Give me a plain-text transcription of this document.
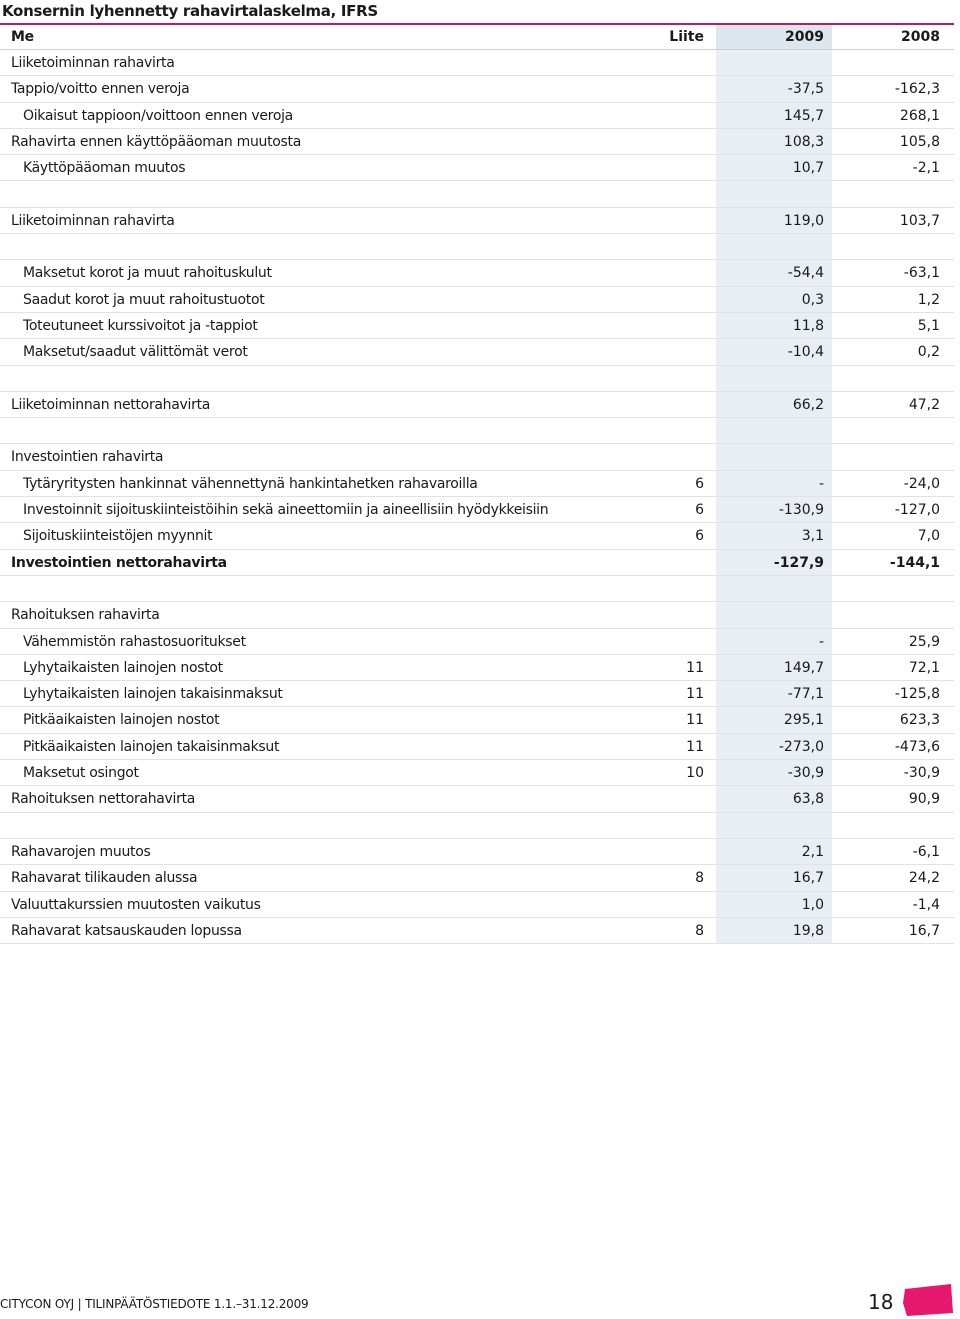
Konsernin lyhennetty rahavirtalaskelma, IFRS
Me	Liite	2009	2008
Liiketoiminnan rahavirta
Tappio/voitto ennen veroja	-37,5	-162,3
Oikaisut tappioon/voittoon ennen veroja	145,7	268,1
Rahavirta ennen käyttöpääoman muutosta	108,3	105,8
Käyttöpääoman muutos	10,7	-2,1
Liiketoiminnan rahavirta	119,0	103,7
Maksetut korot ja muut rahoituskulut	-54,4	-63,1
Saadut korot ja muut rahoitustuotot	0,3	1,2
Toteutuneet kurssivoitot ja -tappiot	11,8	5,1
Maksetut/saadut välittömät verot	-10,4	0,2
Liiketoiminnan nettorahavirta	66,2	47,2
Investointien rahavirta
Tytäryritysten hankinnat vähennettynä hankintahetken rahavaroilla	6	-	-24,0
Investoinnit sijoituskiinteistöihin sekä aineettomiin ja aineellisiin hyödykkeisiin	6	-130,9	-127,0
Sijoituskiinteistöjen myynnit	6	3,1	7,0
Investointien nettorahavirta	-127,9	-144,1
Rahoituksen rahavirta
Vähemmistön rahastosuoritukset	-	25,9
Lyhytaikaisten lainojen nostot	11	149,7	72,1
Lyhytaikaisten lainojen takaisinmaksut	11	-77,1	-125,8
Pitkäaikaisten lainojen nostot	11	295,1	623,3
Pitkäaikaisten lainojen takaisinmaksut	11	-273,0	-473,6
Maksetut osingot	10	-30,9	-30,9
Rahoituksen nettorahavirta	63,8	90,9
Rahavarojen muutos	2,1	-6,1
Rahavarat tilikauden alussa	8	16,7	24,2
Valuuttakurssien muutosten vaikutus	1,0	-1,4
Rahavarat katsauskauden lopussa	8	19,8	16,7
CITYCON OYJ | TILINPÄÄTÖSTIEDOTE 1.1.–31.12.2009	18
